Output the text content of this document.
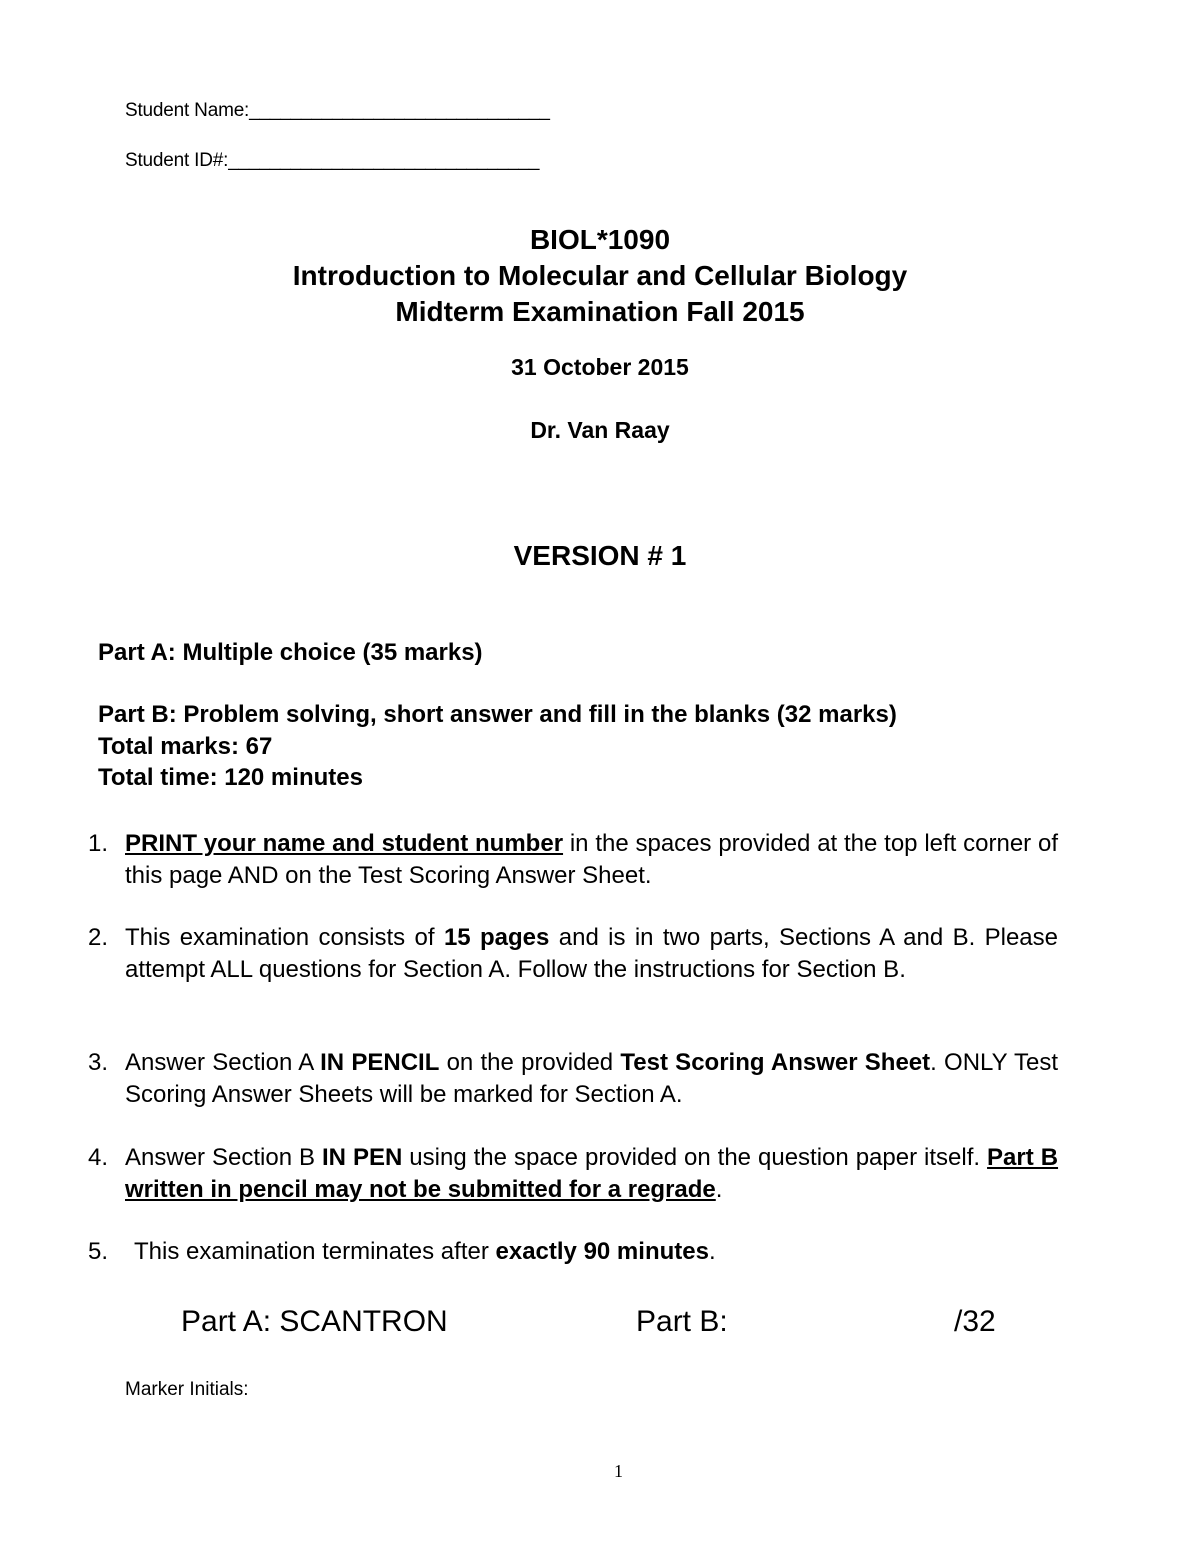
Student Name:_____________________________
Student ID#:______________________________
BIOL*1090
Introduction to Molecular and Cellular Biology
Midterm Examination Fall 2015
31 October 2015
Dr. Van Raay
VERSION # 1
Part A: Multiple choice (35 marks)
Part B: Problem solving, short answer and fill in the blanks (32 marks)
Total marks: 67
Total time: 120 minutes
1. PRINT your name and student number in the spaces provided at the top left corner of this page AND on the Test Scoring Answer Sheet.
2. This examination consists of 15 pages and is in two parts, Sections A and B. Please attempt ALL questions for Section A. Follow the instructions for Section B.
3. Answer Section A IN PENCIL on the provided Test Scoring Answer Sheet. ONLY Test Scoring Answer Sheets will be marked for Section A.
4. Answer Section B IN PEN using the space provided on the question paper itself. Part B written in pencil may not be submitted for a regrade.
5.	This examination terminates after exactly 90 minutes.
Part A: SCANTRON	Part B:	/32
Marker Initials:
1
